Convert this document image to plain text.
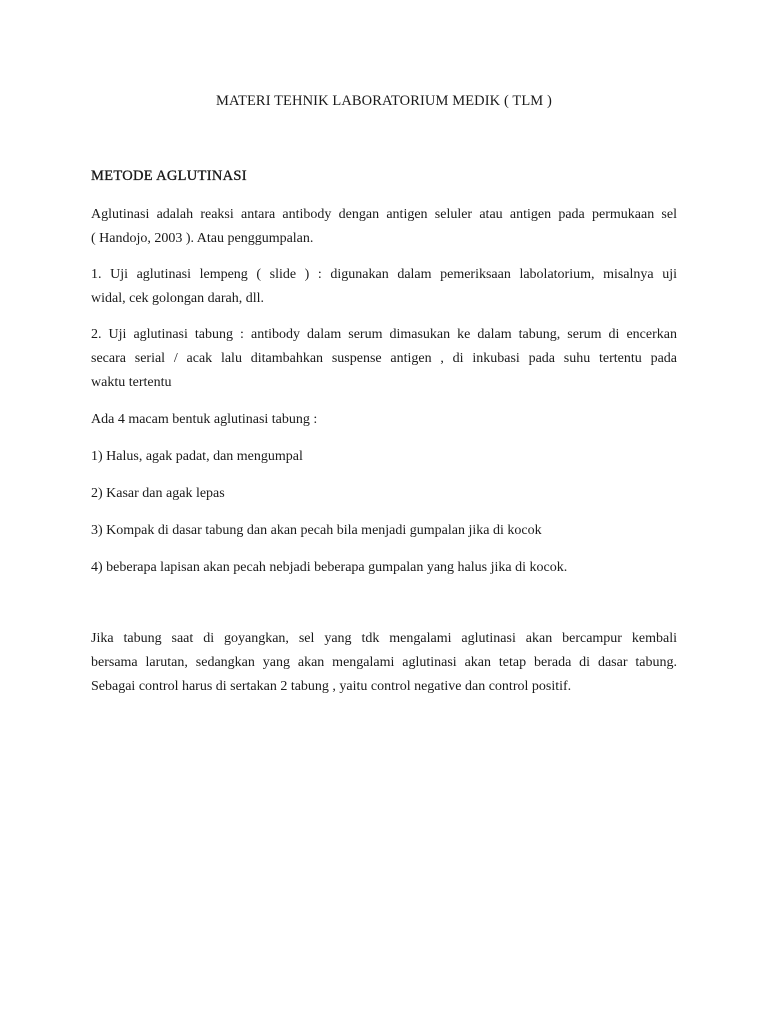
MATERI TEHNIK LABORATORIUM MEDIK ( TLM )
METODE AGLUTINASI

Aglutinasi adalah reaksi antara antibody dengan antigen seluler atau antigen pada permukaan sel
( Handojo, 2003 ). Atau penggumpalan.

1. Uji aglutinasi lempeng ( slide ) : digunakan dalam pemeriksaan labolatorium, misalnya uji
widal, cek golongan darah, dll.

2. Uji aglutinasi tabung : antibody dalam serum dimasukan ke dalam tabung, serum di encerkan
secara serial / acak lalu ditambahkan suspense antigen , di inkubasi pada suhu tertentu pada
waktu tertentu

Ada 4 macam bentuk aglutinasi tabung :

1) Halus, agak padat, dan mengumpal

2) Kasar dan agak lepas

3) Kompak di dasar tabung dan akan pecah bila menjadi gumpalan jika di kocok

4) beberapa lapisan akan pecah nebjadi beberapa gumpalan yang halus jika di kocok.

Jika tabung saat di goyangkan, sel yang tdk mengalami aglutinasi akan bercampur kembali
bersama larutan, sedangkan yang akan mengalami aglutinasi akan tetap berada di dasar tabung.
Sebagai control harus di sertakan 2 tabung , yaitu control negative dan control positif.
